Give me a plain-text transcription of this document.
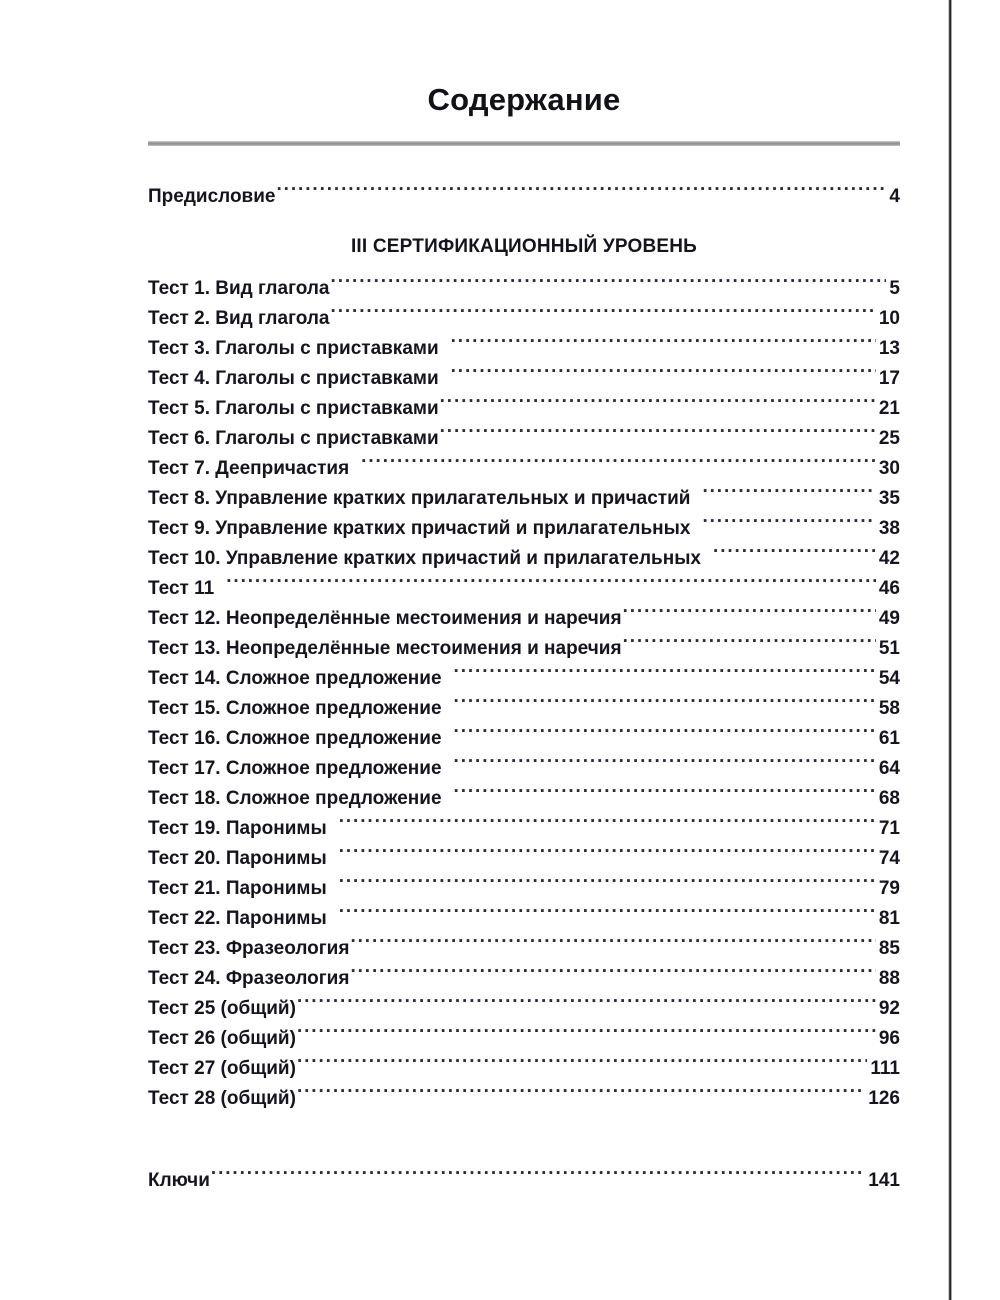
Содержание
Предисловие .....	4
III СЕРТИФИКАЦИОННЫЙ УРОВЕНЬ
Тест 1. Вид глагола .....	5
Тест 2. Вид глагола .....	10
Тест 3. Глаголы с приставками .....	13
Тест 4. Глаголы с приставками .....	17
Тест 5. Глаголы с приставками .....	21
Тест 6. Глаголы с приставками .....	25
Тест 7. Деепричастия .....	30
Тест 8. Управление кратких прилагательных и причастий .....	35
Тест 9. Управление кратких причастий и прилагательных .....	38
Тест 10. Управление кратких причастий и прилагательных .....	42
Тест 11 .....	46
Тест 12. Неопределённые местоимения и наречия .....	49
Тест 13. Неопределённые местоимения и наречия .....	51
Тест 14. Сложное предложение .....	54
Тест 15. Сложное предложение .....	58
Тест 16. Сложное предложение .....	61
Тест 17. Сложное предложение .....	64
Тест 18. Сложное предложение .....	68
Тест 19. Паронимы .....	71
Тест 20. Паронимы .....	74
Тест 21. Паронимы .....	79
Тест 22. Паронимы .....	81
Тест 23. Фразеология .....	85
Тест 24. Фразеология .....	88
Тест 25 (общий) .....	92
Тест 26 (общий) .....	96
Тест 27 (общий) .....	111
Тест 28 (общий) .....	126
Ключи .....	141
